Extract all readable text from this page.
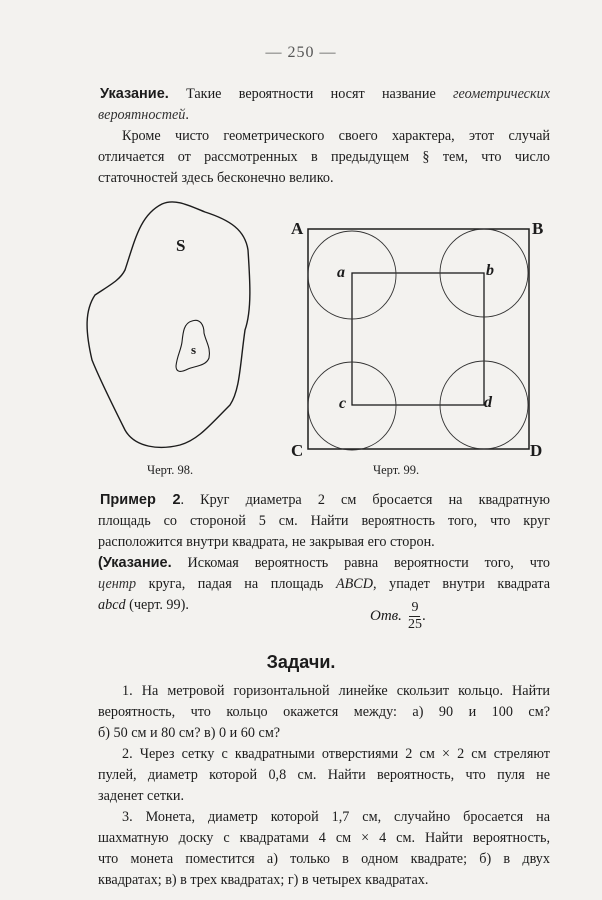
— 250 —
Указание. Такие вероятности носят название геометрических
вероятностей.
Кроме чисто геометрического своего характера, этот случай
отличается от рассмотренных в предыдущем § тем, что число
статочностей здесь бесконечно велико.
S
s
Черт. 98.
A	B
C	D
a	b
c	d
Черт. 99.
Пример 2. Круг диаметра 2 см бросается на квадратную
площадь со стороной 5 см. Найти вероятность того, что круг
расположится внутри квадрата, не закрывая его сторон.
(Указание. Искомая вероятность равна вероятности того, что
центр круга, падая на площадь ABCD, упадет внутри квадрата
abcd (черт. 99).
Отв. $\frac{9}{25}$ .
Задачи.
1. На метровой горизонтальной линейке скользит кольцо. Найти
вероятность, что кольцо окажется между: а) 90 и 100 см?
б) 50 см и 80 см? в) 0 и 60 см?
2. Через сетку с квадратными отверстиями 2 см × 2 см стреляют
пулей, диаметр которой 0,8 см. Найти вероятность, что пуля не
заденет сетки.
3. Монета, диаметр которой 1,7 см, случайно бросается на
шахматную доску с квадратами 4 см × 4 см. Найти вероятность,
что монета поместится а) только в одном квадрате; б) в двух
квадратах; в) в трех квадратах; г) в четырех квадратах.
